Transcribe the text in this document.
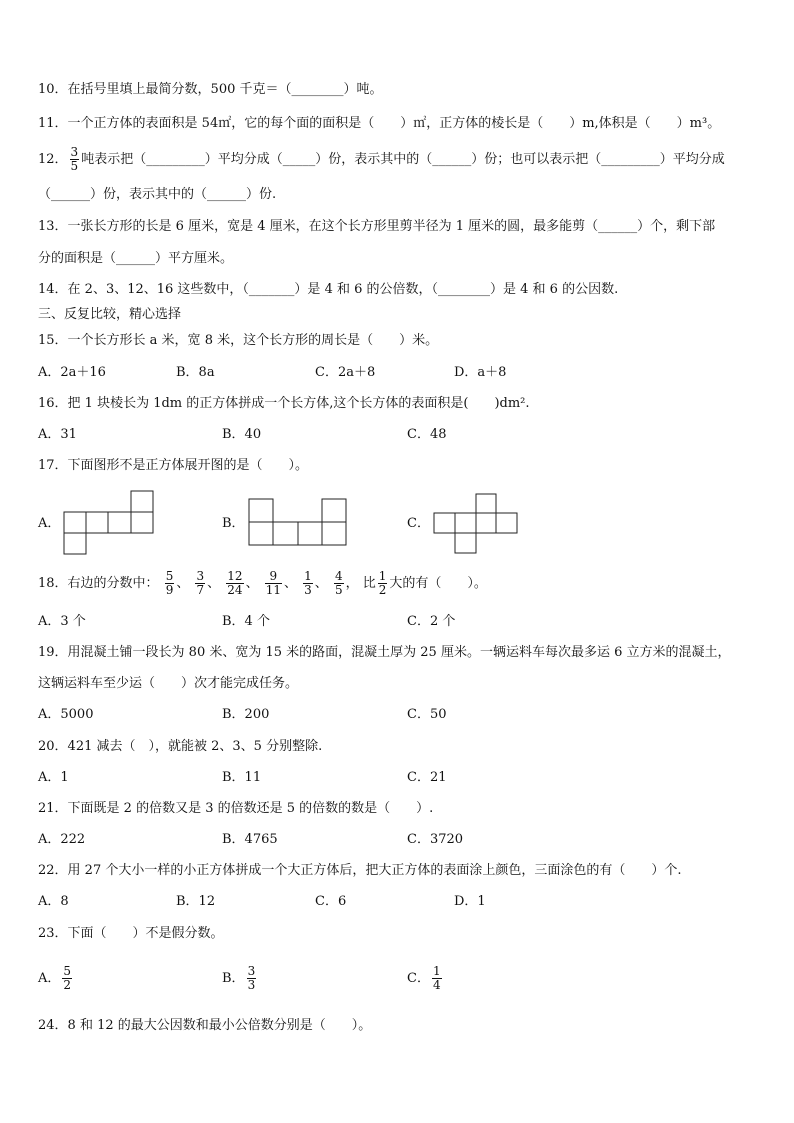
10．在括号里填上最简分数，500 千克＝（________）吨。
11．一个正方体的表面积是 54㎡，它的每个面的面积是（　　）㎡，正方体的棱长是（　　）m,体积是（　　）m³。
12． $\frac{3}{5}$ 吨表示把（_________）平均分成（_____）份，表示其中的（______）份；也可以表示把（_________）平均分成
（______）份，表示其中的（______）份.
13．一张长方形的长是 6 厘米，宽是 4 厘米，在这个长方形里剪半径为 1 厘米的圆，最多能剪（______）个，剩下部
分的面积是（______）平方厘米。
14．在 2、3、12、16 这些数中，（_______）是 4 和 6 的公倍数，（________）是 4 和 6 的公因数.
三、反复比较，精心选择
15．一个长方形长 a 米，宽 8 米，这个长方形的周长是（　　）米。
A．2a＋16	B．8a	C．2a＋8	D．a＋8
16．把 1 块棱长为 1dm 的正方体拼成一个长方体,这个长方体的表面积是(　　)dm².
A．31	B．40	C．48
17．下面图形不是正方体展开图的是（　　）。
A．	B．	C．
18．右边的分数中： $\frac{5}{9}$ 、 $\frac{3}{7}$ 、 $\frac{12}{24}$ 、 $\frac{9}{11}$ 、 $\frac{1}{3}$ 、 $\frac{4}{5}$ ， 比 $\frac{1}{2}$ 大的有（　　）。
A．3 个	B．4 个	C．2 个
19．用混凝土铺一段长为 80 米、宽为 15 米的路面，混凝土厚为 25 厘米。一辆运料车每次最多运 6 立方米的混凝土，
这辆运料车至少运（　　）次才能完成任务。
A．5000	B．200	C．50
20．421 减去（　），就能被 2、3、5 分别整除.
A．1	B．11	C．21
21．下面既是 2 的倍数又是 3 的倍数还是 5 的倍数的数是（　　）.
A．222	B．4765	C．3720
22．用 27 个大小一样的小正方体拼成一个大正方体后，把大正方体的表面涂上颜色，三面涂色的有（　　）个.
A．8	B．12	C．6	D．1
23．下面（　　）不是假分数。
A． $\frac{5}{2}$	B． $\frac{3}{3}$	C． $\frac{1}{4}$
24．8 和 12 的最大公因数和最小公倍数分别是（　　）。
